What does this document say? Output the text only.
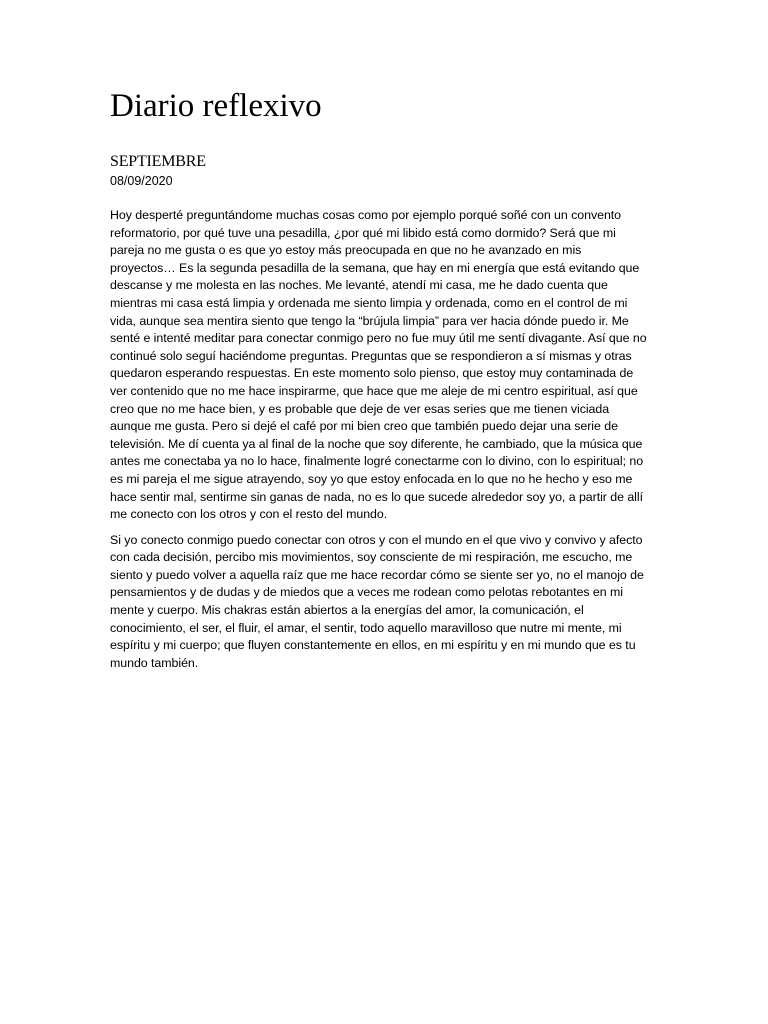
Diario reflexivo
SEPTIEMBRE
08/09/2020

Hoy desperté preguntándome muchas cosas como por ejemplo porqué soñé con un convento reformatorio, por qué tuve una pesadilla, ¿por qué mi libido está como dormido? Será que mi pareja no me gusta o es que yo estoy más preocupada en que no he avanzado en mis proyectos… Es la segunda pesadilla de la semana, que hay en mi energía que está evitando que descanse y me molesta en las noches. Me levanté, atendí mi casa, me he dado cuenta que mientras mi casa está limpia y ordenada me siento limpia y ordenada, como en el control de mi vida, aunque sea mentira siento que tengo la “brújula limpia” para ver hacia dónde puedo ir. Me senté e intenté meditar para conectar conmigo pero no fue muy útil me sentí divagante. Así que no continué solo seguí haciéndome preguntas. Preguntas que se respondieron a sí mismas y otras quedaron esperando respuestas. En este momento solo pienso, que estoy muy contaminada de ver contenido que no me hace inspirarme, que hace que me aleje de mi centro espiritual, así que creo que no me hace bien, y es probable que deje de ver esas series que me tienen viciada aunque me gusta. Pero si dejé el café por mi bien creo que también puedo dejar una serie de televisión. Me dí cuenta ya al final de la noche que soy diferente, he cambiado, que la música que antes me conectaba ya no lo hace, finalmente logré conectarme con lo divino, con lo espiritual; no es mi pareja el me sigue atrayendo, soy yo que estoy enfocada en lo que no he hecho y eso me hace sentir mal, sentirme sin ganas de nada, no es lo que sucede alrededor soy yo, a partir de allí me conecto con los otros y con el resto del mundo.

Si yo conecto conmigo puedo conectar con otros y con el mundo en el que vivo y convivo y afecto con cada decisión, percibo mis movimientos, soy consciente de mi respiración, me escucho, me siento y puedo volver a aquella raíz que me hace recordar cómo se siente ser yo, no el manojo de pensamientos y de dudas y de miedos que a veces me rodean como pelotas rebotantes en mi mente y cuerpo. Mis chakras están abiertos a la energías del amor, la comunicación, el conocimiento, el ser, el fluir, el amar, el sentir, todo aquello maravilloso que nutre mi mente, mi espíritu y mi cuerpo; que fluyen constantemente en ellos, en mi espíritu y en mi mundo que es tu mundo también.
